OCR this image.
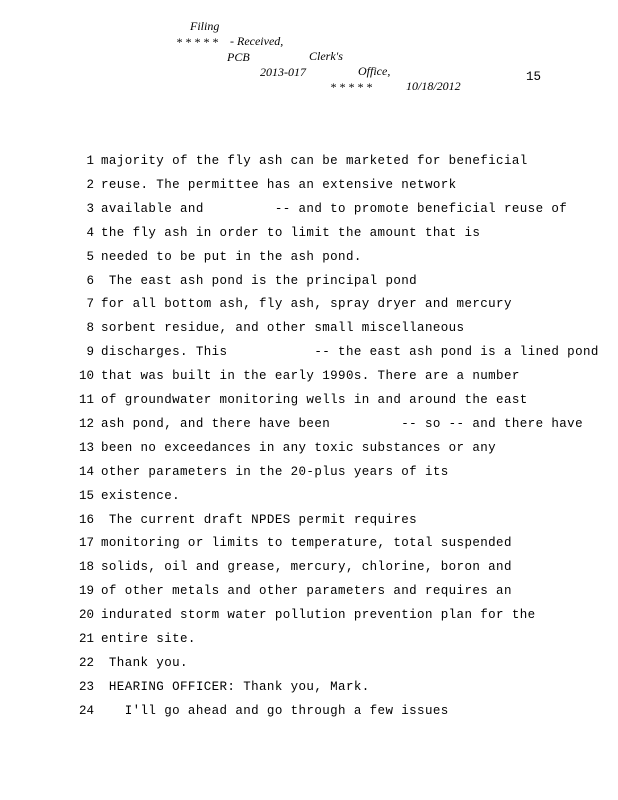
Filing

- Received,

Clerk's

Office,

10/18/2012

* * * * *

PCB

2013-017

* * * * *

15
1 majority of the fly ash can be marketed for beneficial
2 reuse. The permittee has an extensive network
3 available and         -- and to promote beneficial reuse of
4 the fly ash in order to limit the amount that is
5 needed to be put in the ash pond.
6 The east ash pond is the principal pond
7 for all bottom ash, fly ash, spray dryer and mercury
8 sorbent residue, and other small miscellaneous
9 discharges. This           -- the east ash pond is a lined pond
10 that was built in the early 1990s. There are a number
11 of groundwater monitoring wells in and around the east
12 ash pond, and there have been         -- so -- and there have
13 been no exceedances in any toxic substances or any
14 other parameters in the 20-plus years of its
15 existence.
16 The current draft NPDES permit requires
17 monitoring or limits to temperature, total suspended
18 solids, oil and grease, mercury, chlorine, boron and
19 of other metals and other parameters and requires an
20 indurated storm water pollution prevention plan for the
21 entire site.
22 Thank you.
23 HEARING OFFICER: Thank you, Mark.
24 I'll go ahead and go through a few issues
